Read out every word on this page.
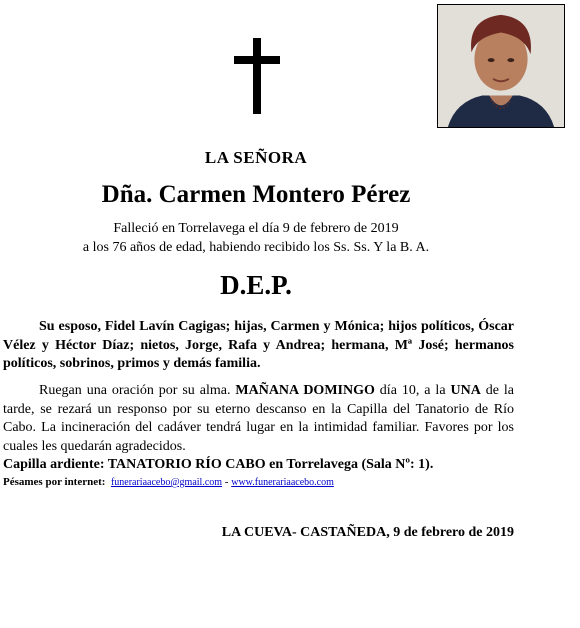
LA SEÑORA
Dña. Carmen Montero Pérez
Falleció en Torrelavega el día 9 de febrero de 2019
a los 76 años de edad, habiendo recibido los Ss. Ss. Y la B. A.
D.E.P.
Su esposo, Fidel Lavín Cagigas; hijas, Carmen y Mónica; hijos políticos, Óscar Vélez y Héctor Díaz; nietos, Jorge, Rafa y Andrea; hermana, Mª José; hermanos políticos, sobrinos, primos y demás familia.
Ruegan una oración por su alma. MAÑANA DOMINGO día 10, a la UNA de la tarde, se rezará un responso por su eterno descanso en la Capilla del Tanatorio de Río Cabo. La incineración del cadáver tendrá lugar en la intimidad familiar. Favores por los cuales les quedarán agradecidos.
Capilla ardiente: TANATORIO RÍO CABO en Torrelavega (Sala Nº: 1).
Pésames por internet: funerariaacebo@gmail.com - www.funerariaacebo.com
LA CUEVA- CASTAÑEDA, 9 de febrero de 2019
